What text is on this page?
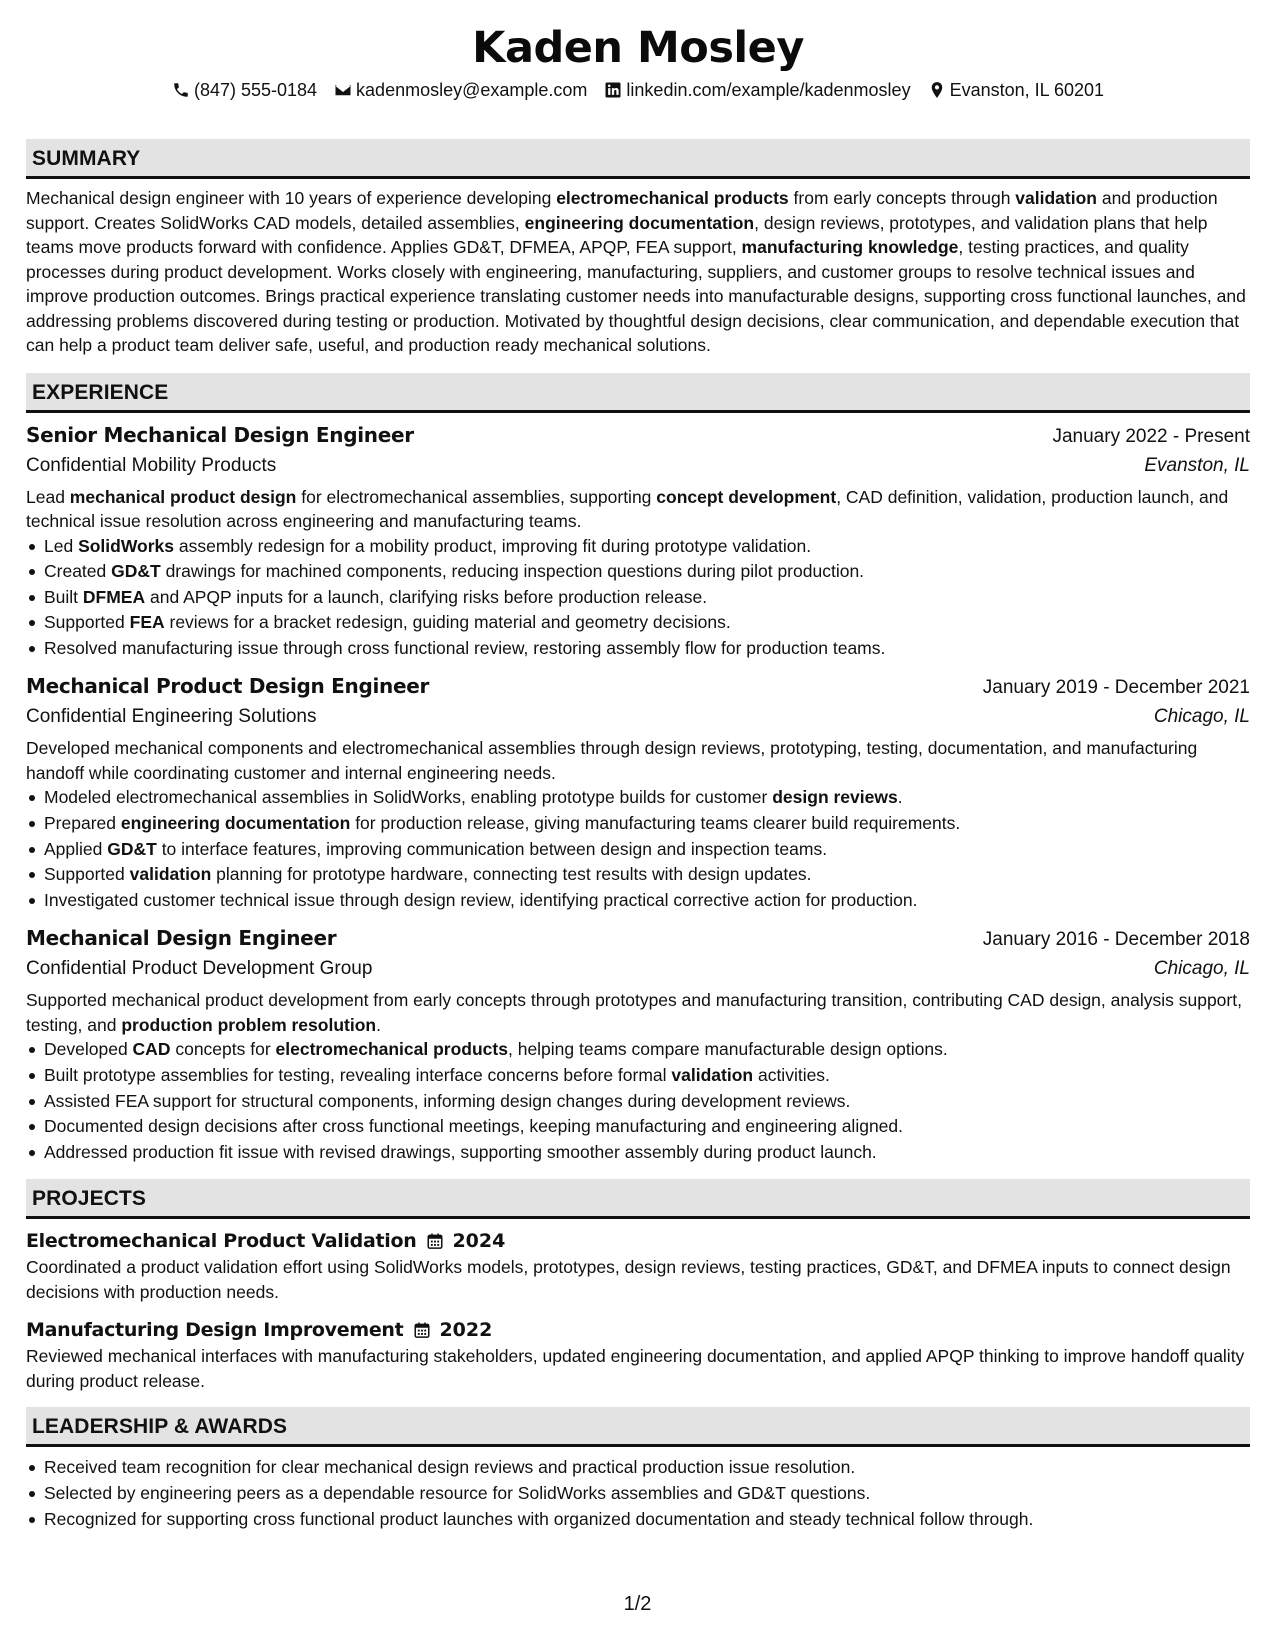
Kaden Mosley
(847) 555-0184 kadenmosley@example.com linkedin.com/example/kadenmosley Evanston, IL 60201
SUMMARY

Mechanical design engineer with 10 years of experience developing electromechanical products from early concepts through validation and production support. Creates SolidWorks CAD models, detailed assemblies, engineering documentation, design reviews, prototypes, and validation plans that help teams move products forward with confidence. Applies GD&T, DFMEA, APQP, FEA support, manufacturing knowledge, testing practices, and quality processes during product development. Works closely with engineering, manufacturing, suppliers, and customer groups to resolve technical issues and improve production outcomes. Brings practical experience translating customer needs into manufacturable designs, supporting cross functional launches, and addressing problems discovered during testing or production. Motivated by thoughtful design decisions, clear communication, and dependable execution that can help a product team deliver safe, useful, and production ready mechanical solutions.

EXPERIENCE
Senior Mechanical Design Engineer	January 2022 - Present
Confidential Mobility Products	Evanston, IL

Lead mechanical product design for electromechanical assemblies, supporting concept development, CAD definition, validation, production launch, and technical issue resolution across engineering and manufacturing teams.

Led SolidWorks assembly redesign for a mobility product, improving fit during prototype validation.
Created GD&T drawings for machined components, reducing inspection questions during pilot production.
Built DFMEA and APQP inputs for a launch, clarifying risks before production release.
Supported FEA reviews for a bracket redesign, guiding material and geometry decisions.
Resolved manufacturing issue through cross functional review, restoring assembly flow for production teams.
Mechanical Product Design Engineer	January 2019 - December 2021
Confidential Engineering Solutions	Chicago, IL

Developed mechanical components and electromechanical assemblies through design reviews, prototyping, testing, documentation, and manufacturing handoff while coordinating customer and internal engineering needs.

Modeled electromechanical assemblies in SolidWorks, enabling prototype builds for customer design reviews.
Prepared engineering documentation for production release, giving manufacturing teams clearer build requirements.
Applied GD&T to interface features, improving communication between design and inspection teams.
Supported validation planning for prototype hardware, connecting test results with design updates.
Investigated customer technical issue through design review, identifying practical corrective action for production.
Mechanical Design Engineer	January 2016 - December 2018
Confidential Product Development Group	Chicago, IL

Supported mechanical product development from early concepts through prototypes and manufacturing transition, contributing CAD design, analysis support, testing, and production problem resolution.

Developed CAD concepts for electromechanical products, helping teams compare manufacturable design options.
Built prototype assemblies for testing, revealing interface concerns before formal validation activities.
Assisted FEA support for structural components, informing design changes during development reviews.
Documented design decisions after cross functional meetings, keeping manufacturing and engineering aligned.
Addressed production fit issue with revised drawings, supporting smoother assembly during product launch.
PROJECTS
Electromechanical Product Validation 2024

Coordinated a product validation effort using SolidWorks models, prototypes, design reviews, testing practices, GD&T, and DFMEA inputs to connect design decisions with production needs.

Manufacturing Design Improvement 2022

Reviewed mechanical interfaces with manufacturing stakeholders, updated engineering documentation, and applied APQP thinking to improve handoff quality during product release.

LEADERSHIP & AWARDS
Received team recognition for clear mechanical design reviews and practical production issue resolution.
Selected by engineering peers as a dependable resource for SolidWorks assemblies and GD&T questions.
Recognized for supporting cross functional product launches with organized documentation and steady technical follow through.
1/2
